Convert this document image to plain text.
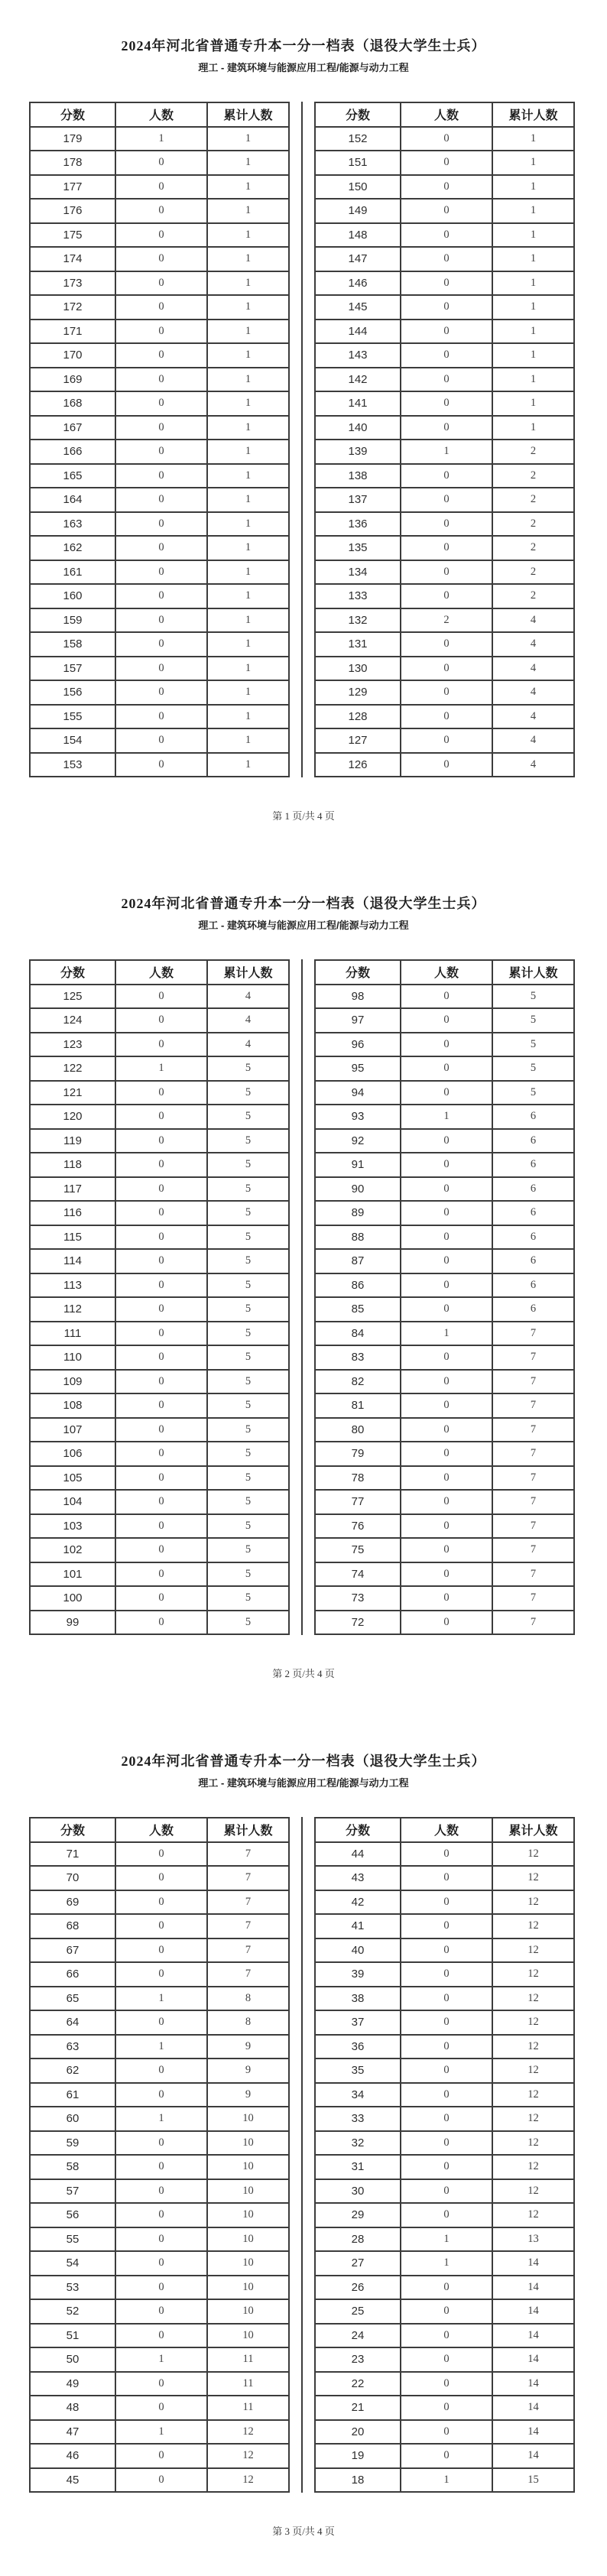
2024年河北省普通专升本一分一档表（退役大学生士兵）
理工 - 建筑环境与能源应用工程/能源与动力工程
分数	人数	累计人数
179	1	1
178	0	1
177	0	1
176	0	1
175	0	1
174	0	1
173	0	1
172	0	1
171	0	1
170	0	1
169	0	1
168	0	1
167	0	1
166	0	1
165	0	1
164	0	1
163	0	1
162	0	1
161	0	1
160	0	1
159	0	1
158	0	1
157	0	1
156	0	1
155	0	1
154	0	1
153	0	1
分数	人数	累计人数
152	0	1
151	0	1
150	0	1
149	0	1
148	0	1
147	0	1
146	0	1
145	0	1
144	0	1
143	0	1
142	0	1
141	0	1
140	0	1
139	1	2
138	0	2
137	0	2
136	0	2
135	0	2
134	0	2
133	0	2
132	2	4
131	0	4
130	0	4
129	0	4
128	0	4
127	0	4
126	0	4
第 1 页/共 4 页
2024年河北省普通专升本一分一档表（退役大学生士兵）
理工 - 建筑环境与能源应用工程/能源与动力工程
分数	人数	累计人数
125	0	4
124	0	4
123	0	4
122	1	5
121	0	5
120	0	5
119	0	5
118	0	5
117	0	5
116	0	5
115	0	5
114	0	5
113	0	5
112	0	5
111	0	5
110	0	5
109	0	5
108	0	5
107	0	5
106	0	5
105	0	5
104	0	5
103	0	5
102	0	5
101	0	5
100	0	5
99	0	5
分数	人数	累计人数
98	0	5
97	0	5
96	0	5
95	0	5
94	0	5
93	1	6
92	0	6
91	0	6
90	0	6
89	0	6
88	0	6
87	0	6
86	0	6
85	0	6
84	1	7
83	0	7
82	0	7
81	0	7
80	0	7
79	0	7
78	0	7
77	0	7
76	0	7
75	0	7
74	0	7
73	0	7
72	0	7
第 2 页/共 4 页
2024年河北省普通专升本一分一档表（退役大学生士兵）
理工 - 建筑环境与能源应用工程/能源与动力工程
分数	人数	累计人数
71	0	7
70	0	7
69	0	7
68	0	7
67	0	7
66	0	7
65	1	8
64	0	8
63	1	9
62	0	9
61	0	9
60	1	10
59	0	10
58	0	10
57	0	10
56	0	10
55	0	10
54	0	10
53	0	10
52	0	10
51	0	10
50	1	11
49	0	11
48	0	11
47	1	12
46	0	12
45	0	12
分数	人数	累计人数
44	0	12
43	0	12
42	0	12
41	0	12
40	0	12
39	0	12
38	0	12
37	0	12
36	0	12
35	0	12
34	0	12
33	0	12
32	0	12
31	0	12
30	0	12
29	0	12
28	1	13
27	1	14
26	0	14
25	0	14
24	0	14
23	0	14
22	0	14
21	0	14
20	0	14
19	0	14
18	1	15
第 3 页/共 4 页
